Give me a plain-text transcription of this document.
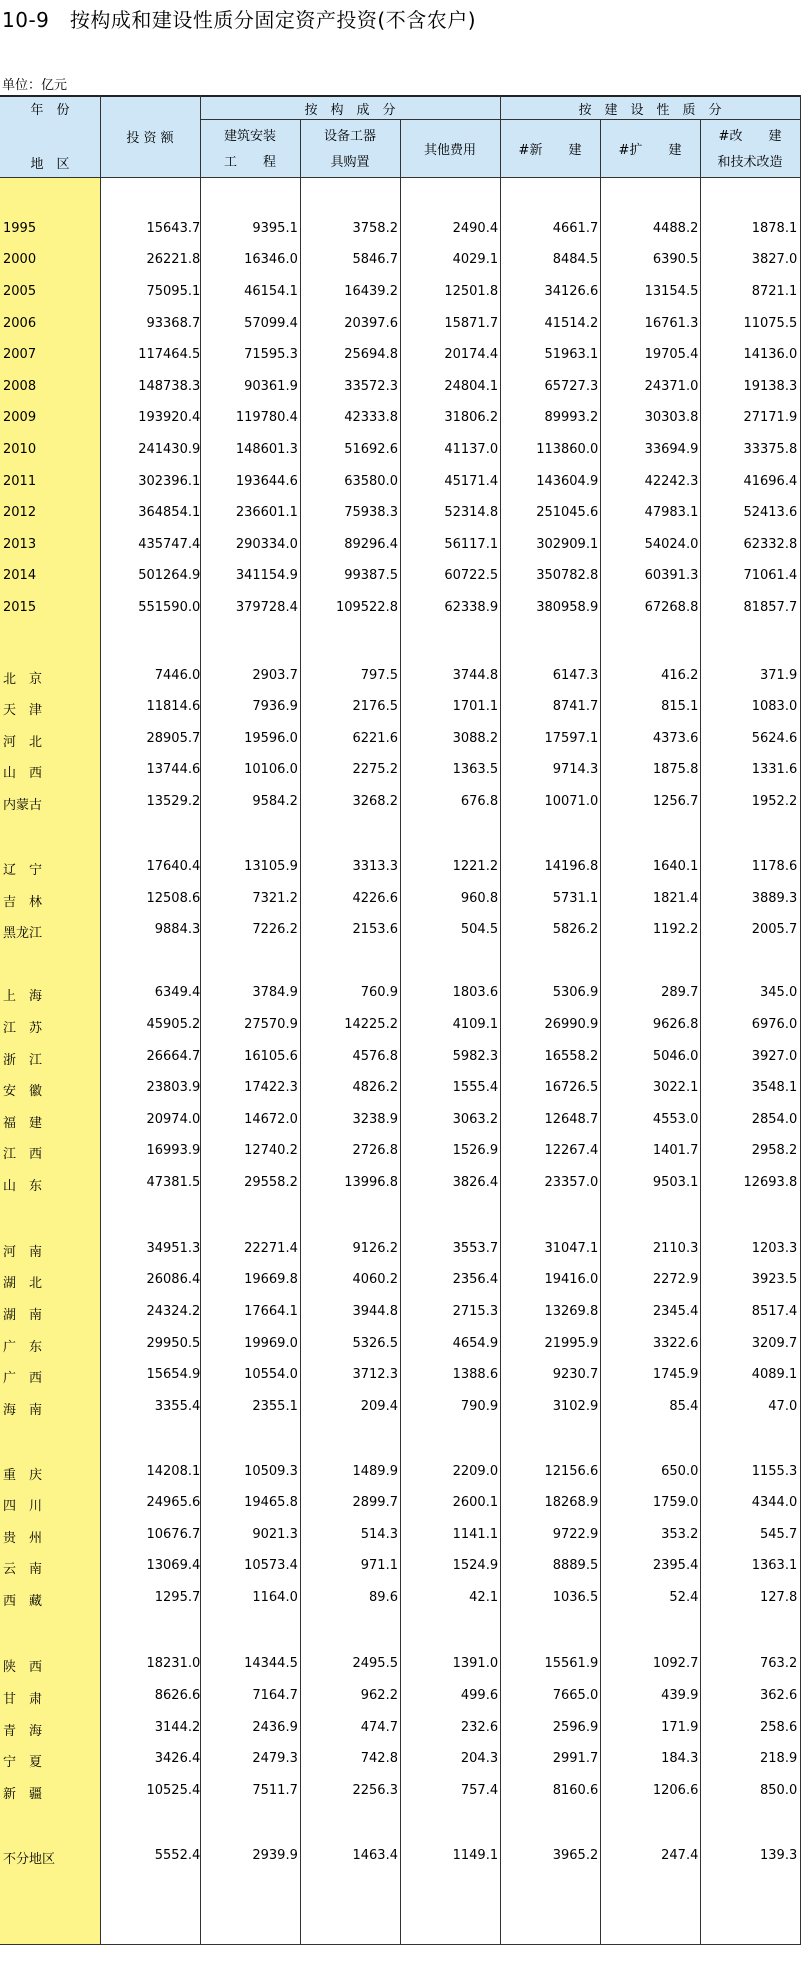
10-9　按构成和建设性质分固定资产投资(不含农户)
单位：亿元
年　份
地　区
投 资 额
按　构　成　分
建筑安装
工　　程
设备工器
具购置
其他费用
按　建　设　性　质　分
#新　　建	#扩　　建
#改　　建
和技术改造
1995	15643.7	9395.1	3758.2	2490.4	4661.7	4488.2	1878.1
2000	26221.8	16346.0	5846.7	4029.1	8484.5	6390.5	3827.0
2005	75095.1	46154.1	16439.2	12501.8	34126.6	13154.5	8721.1
2006	93368.7	57099.4	20397.6	15871.7	41514.2	16761.3	11075.5
2007	117464.5	71595.3	25694.8	20174.4	51963.1	19705.4	14136.0
2008	148738.3	90361.9	33572.3	24804.1	65727.3	24371.0	19138.3
2009	193920.4	119780.4	42333.8	31806.2	89993.2	30303.8	27171.9
2010	241430.9	148601.3	51692.6	41137.0	113860.0	33694.9	33375.8
2011	302396.1	193644.6	63580.0	45171.4	143604.9	42242.3	41696.4
2012	364854.1	236601.1	75938.3	52314.8	251045.6	47983.1	52413.6
2013	435747.4	290334.0	89296.4	56117.1	302909.1	54024.0	62332.8
2014	501264.9	341154.9	99387.5	60722.5	350782.8	60391.3	71061.4
2015	551590.0	379728.4	109522.8	62338.9	380958.9	67268.8	81857.7
北　京	7446.0	2903.7	797.5	3744.8	6147.3	416.2	371.9
天　津	11814.6	7936.9	2176.5	1701.1	8741.7	815.1	1083.0
河　北	28905.7	19596.0	6221.6	3088.2	17597.1	4373.6	5624.6
山　西	13744.6	10106.0	2275.2	1363.5	9714.3	1875.8	1331.6
内蒙古	13529.2	9584.2	3268.2	676.8	10071.0	1256.7	1952.2
辽　宁	17640.4	13105.9	3313.3	1221.2	14196.8	1640.1	1178.6
吉　林	12508.6	7321.2	4226.6	960.8	5731.1	1821.4	3889.3
黑龙江	9884.3	7226.2	2153.6	504.5	5826.2	1192.2	2005.7
上　海	6349.4	3784.9	760.9	1803.6	5306.9	289.7	345.0
江　苏	45905.2	27570.9	14225.2	4109.1	26990.9	9626.8	6976.0
浙　江	26664.7	16105.6	4576.8	5982.3	16558.2	5046.0	3927.0
安　徽	23803.9	17422.3	4826.2	1555.4	16726.5	3022.1	3548.1
福　建	20974.0	14672.0	3238.9	3063.2	12648.7	4553.0	2854.0
江　西	16993.9	12740.2	2726.8	1526.9	12267.4	1401.7	2958.2
山　东	47381.5	29558.2	13996.8	3826.4	23357.0	9503.1	12693.8
河　南	34951.3	22271.4	9126.2	3553.7	31047.1	2110.3	1203.3
湖　北	26086.4	19669.8	4060.2	2356.4	19416.0	2272.9	3923.5
湖　南	24324.2	17664.1	3944.8	2715.3	13269.8	2345.4	8517.4
广　东	29950.5	19969.0	5326.5	4654.9	21995.9	3322.6	3209.7
广　西	15654.9	10554.0	3712.3	1388.6	9230.7	1745.9	4089.1
海　南	3355.4	2355.1	209.4	790.9	3102.9	85.4	47.0
重　庆	14208.1	10509.3	1489.9	2209.0	12156.6	650.0	1155.3
四　川	24965.6	19465.8	2899.7	2600.1	18268.9	1759.0	4344.0
贵　州	10676.7	9021.3	514.3	1141.1	9722.9	353.2	545.7
云　南	13069.4	10573.4	971.1	1524.9	8889.5	2395.4	1363.1
西　藏	1295.7	1164.0	89.6	42.1	1036.5	52.4	127.8
陕　西	18231.0	14344.5	2495.5	1391.0	15561.9	1092.7	763.2
甘　肃	8626.6	7164.7	962.2	499.6	7665.0	439.9	362.6
青　海	3144.2	2436.9	474.7	232.6	2596.9	171.9	258.6
宁　夏	3426.4	2479.3	742.8	204.3	2991.7	184.3	218.9
新　疆	10525.4	7511.7	2256.3	757.4	8160.6	1206.6	850.0
不分地区	5552.4	2939.9	1463.4	1149.1	3965.2	247.4	139.3
